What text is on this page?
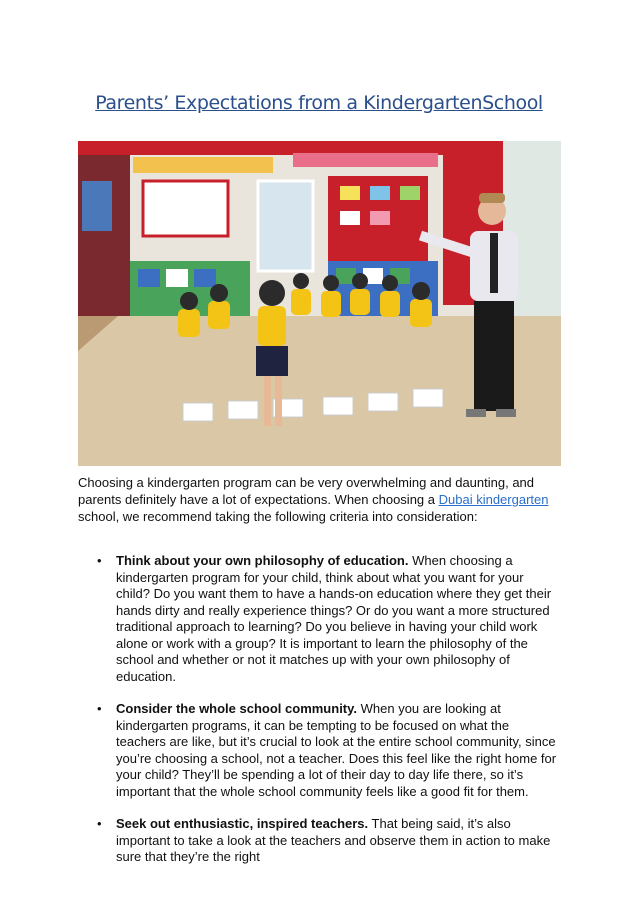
Parents’ Expectations from a KindergartenSchool
Choosing a kindergarten program can be very overwhelming and daunting, and parents definitely have a lot of expectations. When choosing a Dubai kindergarten school, we recommend taking the following criteria into consideration:
• Think about your own philosophy of education. When choosing a kindergarten program for your child, think about what you want for your child? Do you want them to have a hands-on education where they get their hands dirty and really experience things? Or do you want a more structured traditional approach to learning? Do you believe in having your child work alone or work with a group? It is important to learn the philosophy of the school and whether or not it matches up with your own philosophy of education.
• Consider the whole school community. When you are looking at kindergarten programs, it can be tempting to be focused on what the teachers are like, but it’s crucial to look at the entire school community, since you’re choosing a school, not a teacher. Does this feel like the right home for your child? They’ll be spending a lot of their day to day life there, so it’s important that the whole school community feels like a good fit for them.
• Seek out enthusiastic, inspired teachers. That being said, it’s also important to take a look at the teachers and observe them in action to make sure that they’re the right
